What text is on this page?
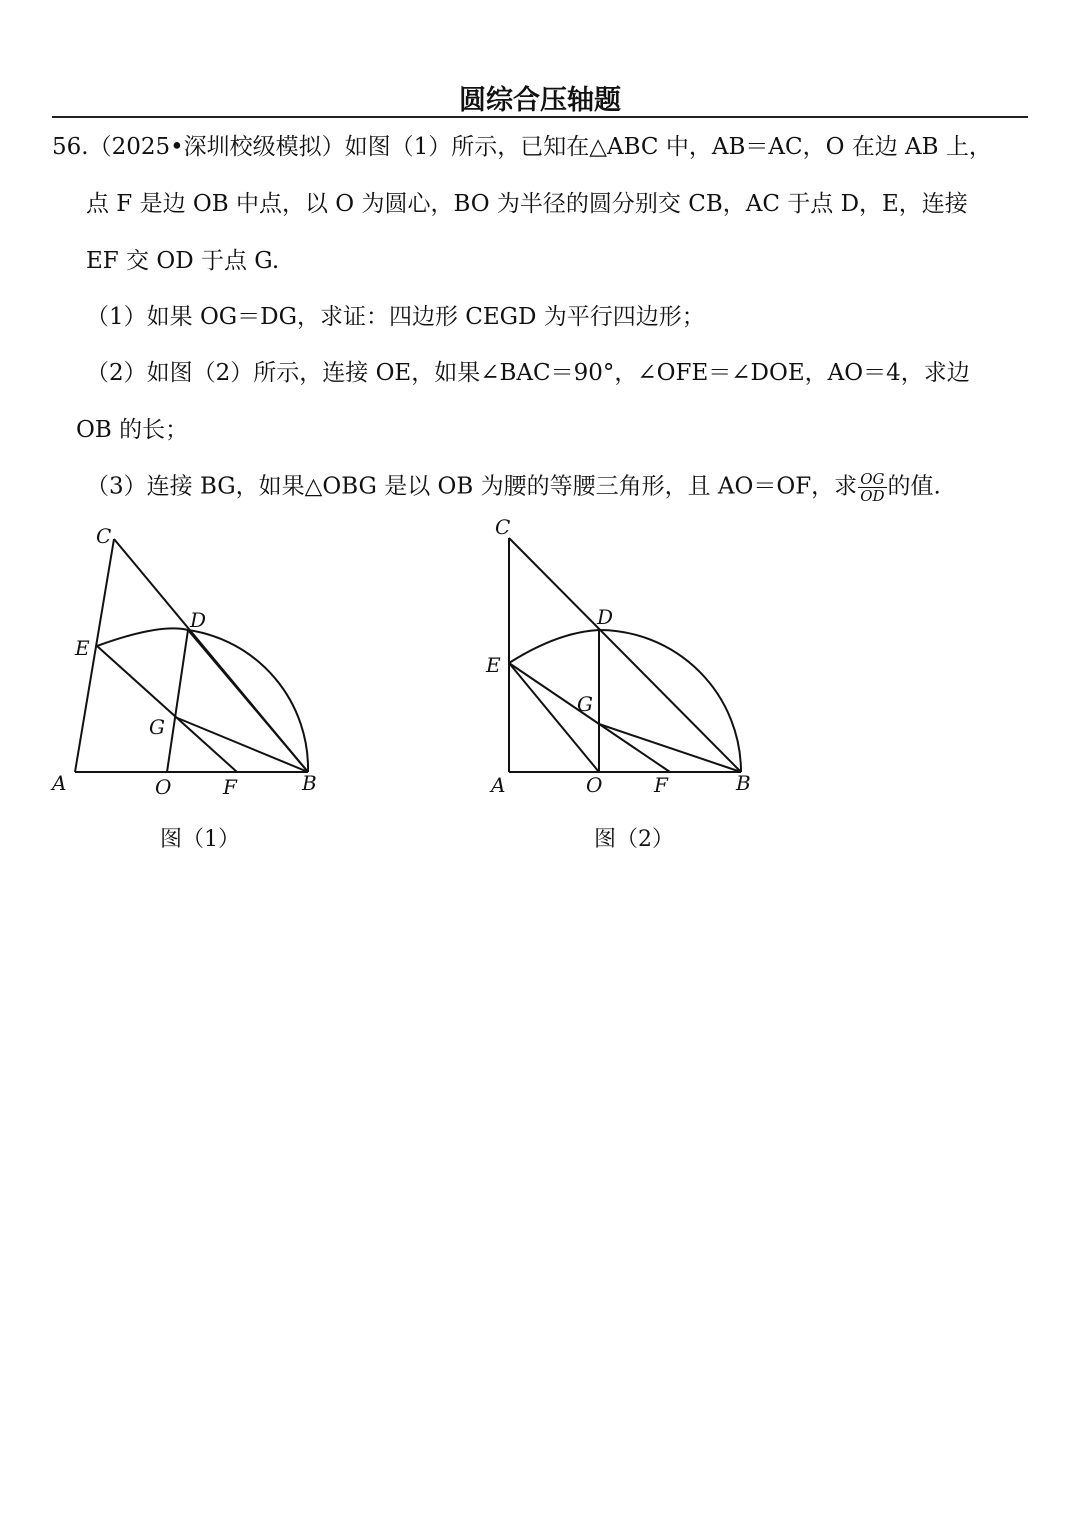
圆综合压轴题
56.（2025•深圳校级模拟）如图（1）所示，已知在△ABC 中，AB＝AC，O 在边 AB 上，
点 F 是边 OB 中点，以 O 为圆心，BO 为半径的圆分别交 CB，AC 于点 D，E，连接
EF 交 OD 于点 G.
（1）如果 OG＝DG，求证：四边形 CEGD 为平行四边形；
（2）如图（2）所示，连接 OE，如果∠BAC＝90°，∠OFE＝∠DOE，AO＝4，求边
OB 的长；
（3）连接 BG，如果△OBG 是以 OB 为腰的等腰三角形，且 AO＝OF，求 $\frac{OG}{OD}$ 的值.
C
D
E
G
A	O	F	B
图（1）
C
D
E
G
A	O	F	B
图（2）
